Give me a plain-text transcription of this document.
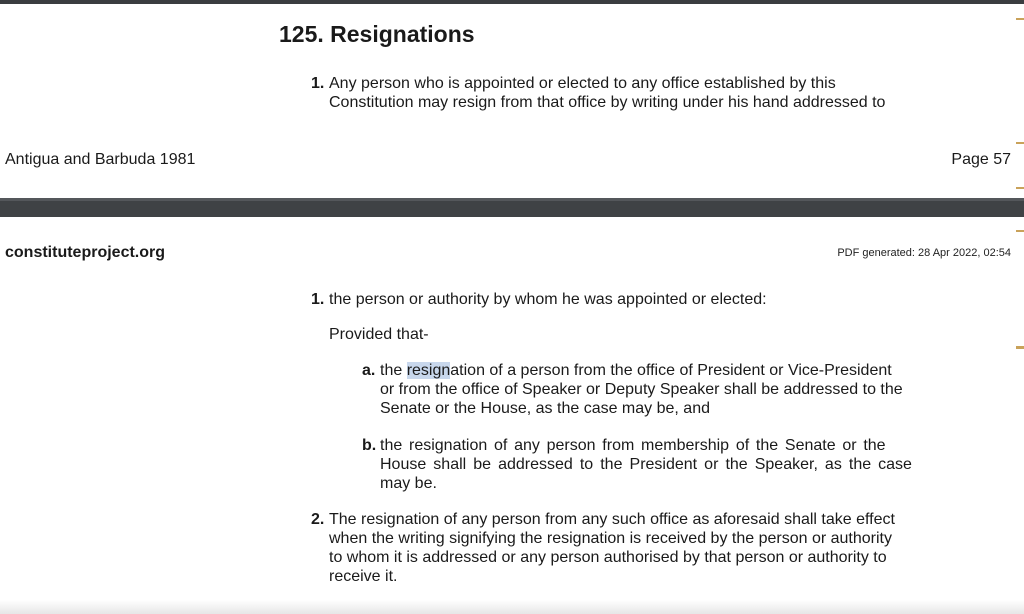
125. Resignations
1. Any person who is appointed or elected to any office established by this
Constitution may resign from that office by writing under his hand addressed to
Antigua and Barbuda 1981	Page 57
constituteproject.org	PDF generated: 28 Apr 2022, 02:54
1. the person or authority by whom he was appointed or elected:
Provided that-
a. the resignation of a person from the office of President or Vice-President
or from the office of Speaker or Deputy Speaker shall be addressed to the
Senate or the House, as the case may be, and
b. the resignation of any person from membership of the Senate or the
House shall be addressed to the President or the Speaker, as the case
may be.
2. The resignation of any person from any such office as aforesaid shall take effect
when the writing signifying the resignation is received by the person or authority
to whom it is addressed or any person authorised by that person or authority to
receive it.
